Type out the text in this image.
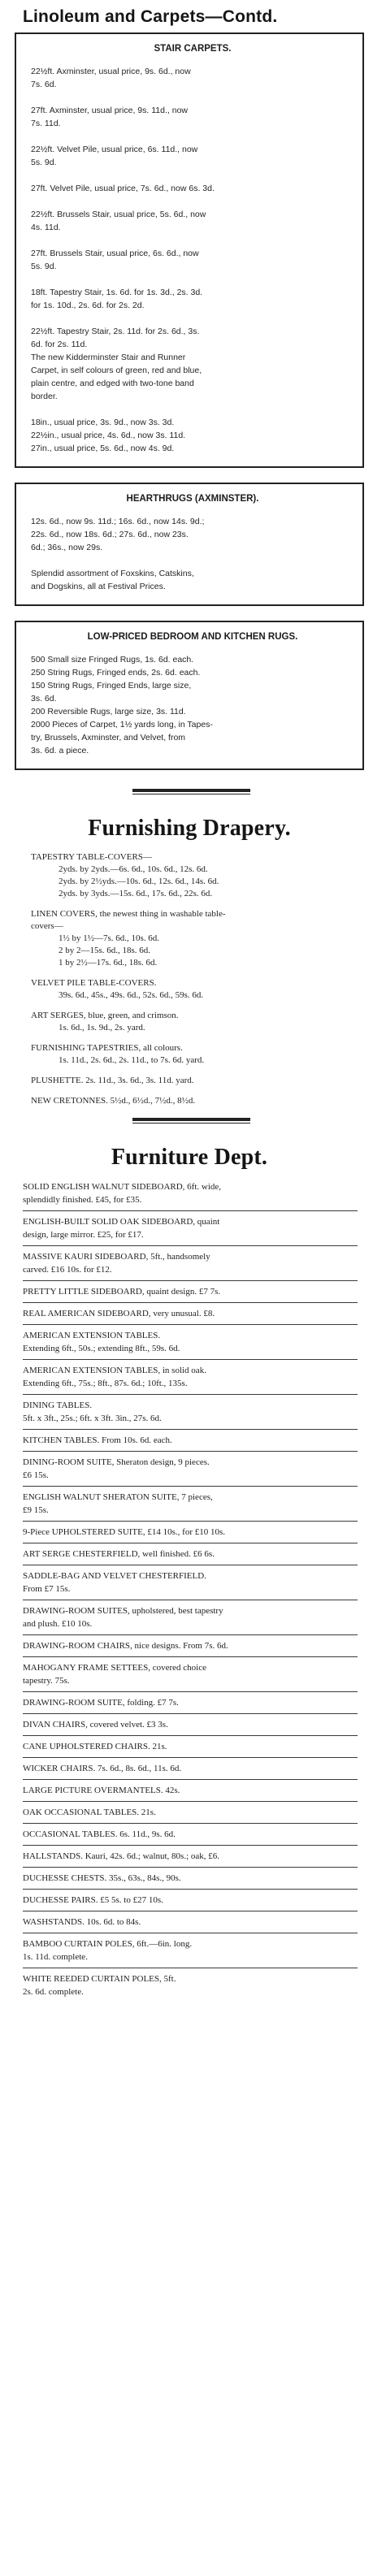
Linoleum and Carpets—Contd.
STAIR CARPETS.
22½ft. Axminster, usual price, 9s. 6d., now
7s. 6d.
27ft. Axminster, usual price, 9s. 11d., now
7s. 11d.
22½ft. Velvet Pile, usual price, 6s. 11d., now
5s. 9d.
27ft. Velvet Pile, usual price, 7s. 6d., now 6s. 3d.
22½ft. Brussels Stair, usual price, 5s. 6d., now
4s. 11d.
27ft. Brussels Stair, usual price, 6s. 6d., now
5s. 9d.
18ft. Tapestry Stair, 1s. 6d. for 1s. 3d., 2s. 3d.
for 1s. 10d., 2s. 6d. for 2s. 2d.
22½ft. Tapestry Stair, 2s. 11d. for 2s. 6d., 3s.
6d. for 2s. 11d.
The new Kidderminster Stair and Runner
Carpet, in self colours of green, red and blue,
plain centre, and edged with two-tone band
border.
18in., usual price, 3s. 9d., now 3s. 3d.
22½in., usual price, 4s. 6d., now 3s. 11d.
27in., usual price, 5s. 6d., now 4s. 9d.
HEARTHRUGS (AXMINSTER).
12s. 6d., now 9s. 11d.; 16s. 6d., now 14s. 9d.;
22s. 6d., now 18s. 6d.; 27s. 6d., now 23s.
6d.; 36s., now 29s.
Splendid assortment of Foxskins, Catskins,
and Dogskins, all at Festival Prices.
LOW-PRICED BEDROOM AND KITCHEN RUGS.
500 Small size Fringed Rugs, 1s. 6d. each.
250 String Rugs, Fringed ends, 2s. 6d. each.
150 String Rugs, Fringed Ends, large size,
3s. 6d.
200 Reversible Rugs, large size, 3s. 11d.
2000 Pieces of Carpet, 1½ yards long, in Tapes-
try, Brussels, Axminster, and Velvet, from
3s. 6d. a piece.
Furnishing Drapery.
TAPESTRY TABLE-COVERS—
2yds. by 2yds.—6s. 6d., 10s. 6d., 12s. 6d.
2yds. by 2½yds.—10s. 6d., 12s. 6d., 14s. 6d.
2yds. by 3yds.—15s. 6d., 17s. 6d., 22s. 6d.
LINEN COVERS, the newest thing in washable table-
covers—
1½ by 1½—7s. 6d., 10s. 6d.
2 by 2—15s. 6d., 18s. 6d.
1 by 2½—17s. 6d., 18s. 6d.
VELVET PILE TABLE-COVERS.
39s. 6d., 45s., 49s. 6d., 52s. 6d., 59s. 6d.
ART SERGES, blue, green, and crimson.
1s. 6d., 1s. 9d., 2s. yard.
FURNISHING TAPESTRIES, all colours.
1s. 11d., 2s. 6d., 2s. 11d., to 7s. 6d. yard.
PLUSHETTE. 2s. 11d., 3s. 6d., 3s. 11d. yard.
NEW CRETONNES. 5½d., 6½d., 7½d., 8½d.
Furniture Dept.
SOLID ENGLISH WALNUT SIDEBOARD, 6ft. wide,
splendidly finished. £45, for £35.
ENGLISH-BUILT SOLID OAK SIDEBOARD, quaint
design, large mirror. £25, for £17.
MASSIVE KAURI SIDEBOARD, 5ft., handsomely
carved. £16 10s. for £12.
PRETTY LITTLE SIDEBOARD, quaint design. £7 7s.
REAL AMERICAN SIDEBOARD, very unusual. £8.
AMERICAN EXTENSION TABLES.
Extending 6ft., 50s.; extending 8ft., 59s. 6d.
AMERICAN EXTENSION TABLES, in solid oak.
Extending 6ft., 75s.; 8ft., 87s. 6d.; 10ft., 135s.
DINING TABLES.
5ft. x 3ft., 25s.; 6ft. x 3ft. 3in., 27s. 6d.
KITCHEN TABLES. From 10s. 6d. each.
DINING-ROOM SUITE, Sheraton design, 9 pieces.
£6 15s.
ENGLISH WALNUT SHERATON SUITE, 7 pieces,
£9 15s.
9-Piece UPHOLSTERED SUITE, £14 10s., for £10 10s.
ART SERGE CHESTERFIELD, well finished. £6 6s.
SADDLE-BAG AND VELVET CHESTERFIELD.
From £7 15s.
DRAWING-ROOM SUITES, upholstered, best tapestry
and plush. £10 10s.
DRAWING-ROOM CHAIRS, nice designs. From 7s. 6d.
MAHOGANY FRAME SETTEES, covered choice
tapestry. 75s.
DRAWING-ROOM SUITE, folding. £7 7s.
DIVAN CHAIRS, covered velvet. £3 3s.
CANE UPHOLSTERED CHAIRS. 21s.
WICKER CHAIRS. 7s. 6d., 8s. 6d., 11s. 6d.
LARGE PICTURE OVERMANTELS. 42s.
OAK OCCASIONAL TABLES. 21s.
OCCASIONAL TABLES. 6s. 11d., 9s. 6d.
HALLSTANDS. Kauri, 42s. 6d.; walnut, 80s.; oak, £6.
DUCHESSE CHESTS. 35s., 63s., 84s., 90s.
DUCHESSE PAIRS. £5 5s. to £27 10s.
WASHSTANDS. 10s. 6d. to 84s.
BAMBOO CURTAIN POLES, 6ft.—6in. long.
1s. 11d. complete.
WHITE REEDED CURTAIN POLES, 5ft.
2s. 6d. complete.
